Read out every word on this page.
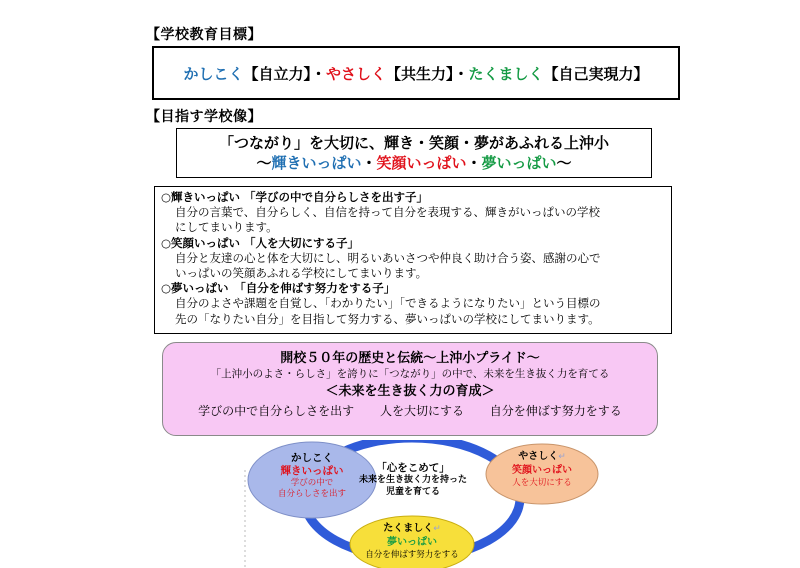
【学校教育目標】
かしこく 【自立力】・ やさしく 【共生力】・ たくましく 【自己実現力】
【目指す学校像】
「つながり」を大切に、輝き・笑顔・夢があふれる上沖小
～輝きいっぱい・笑顔いっぱい・夢いっぱい～
○輝きいっぱい 「学びの中で自分らしさを出す子」
自分の言葉で、自分らしく、自信を持って自分を表現する、輝きがいっぱいの学校
にしてまいります。
○笑顔いっぱい 「人を大切にする子」
自分と友達の心と体を大切にし、明るいあいさつや仲良く助け合う姿、感謝の心で
いっぱいの笑顔あふれる学校にしてまいります。
○夢いっぱい　「自分を伸ばす努力をする子」
自分のよさや課題を自覚し、「わかりたい」「できるようになりたい」という目標の
先の「なりたい自分」を目指して努力する、夢いっぱいの学校にしてまいります。
開校５０年の歴史と伝統～上沖小プライド～
「上沖小のよさ・らしさ」を誇りに「つながり」の中で、未来を生き抜く力を育てる
＜未来を生き抜く力の育成＞
学びの中で自分らしさを出す　 人を大切にする　 自分を伸ばす努力をする
かしこく
輝きいっぱい
学びの中で
自分らしさを出す
「心をこめて」
未来を生き抜く力を持った
児童を育てる
やさしく↵
笑顔いっぱい
人を大切にする
たくましく↵
夢いっぱい
自分を伸ばす努力をする
